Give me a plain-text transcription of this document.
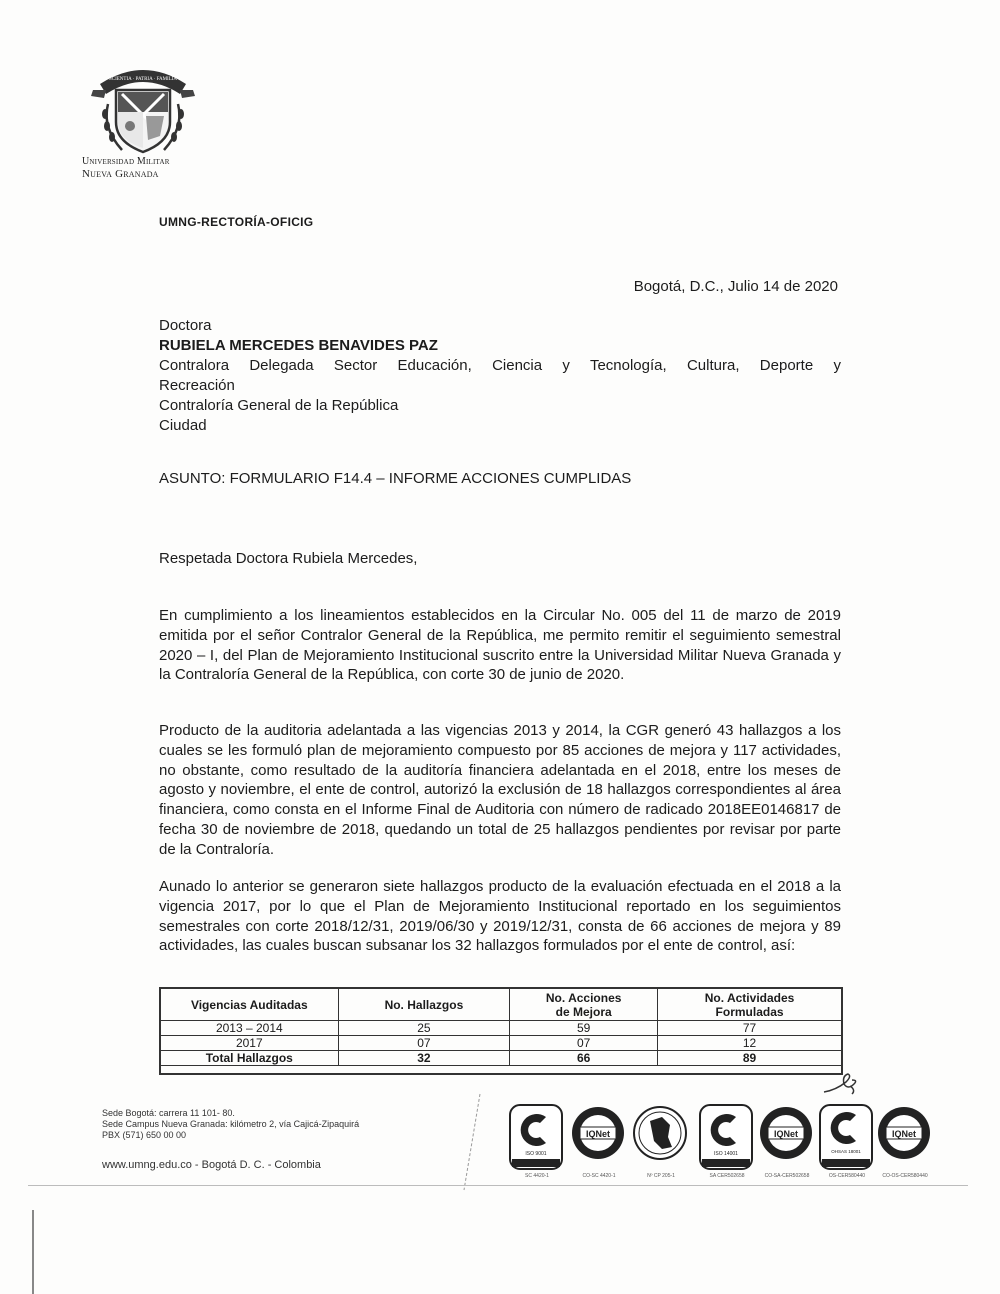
SCIENTIA · PATRIA · FAMILIA
Universidad Militar
Nueva Granada
UMNG-RECTORÍA-OFICIG
Bogotá, D.C., Julio 14 de 2020
Doctora
RUBIELA MERCEDES BENAVIDES PAZ
Contralora Delegada Sector Educación, Ciencia y Tecnología, Cultura, Deporte y
Recreación
Contraloría General de la República
Ciudad
ASUNTO: FORMULARIO F14.4 – INFORME ACCIONES CUMPLIDAS
Respetada Doctora Rubiela Mercedes,
En cumplimiento a los lineamientos establecidos en la Circular No. 005 del 11 de marzo de 2019 emitida por el señor Contralor General de la República, me permito remitir el seguimiento semestral 2020 – I, del Plan de Mejoramiento Institucional suscrito entre la Universidad Militar Nueva Granada y la Contraloría General de la República, con corte 30 de junio de 2020.
Producto de la auditoria adelantada a las vigencias 2013 y 2014, la CGR generó 43 hallazgos a los cuales se les formuló plan de mejoramiento compuesto por 85 acciones de mejora y 117 actividades, no obstante, como resultado de la auditoría financiera adelantada en el 2018, entre los meses de agosto y noviembre, el ente de control, autorizó la exclusión de 18 hallazgos correspondientes al área financiera, como consta en el Informe Final de Auditoria con número de radicado 2018EE0146817 de fecha 30 de noviembre de 2018, quedando un total de 25 hallazgos pendientes por revisar por parte de la Contraloría.
Aunado lo anterior se generaron siete hallazgos producto de la evaluación efectuada en el 2018 a la vigencia 2017, por lo que el Plan de Mejoramiento Institucional reportado en los seguimientos semestrales con corte 2018/12/31, 2019/06/30 y 2019/12/31, consta de 66 acciones de mejora y 89 actividades, las cuales buscan subsanar los 32 hallazgos formulados por el ente de control, así:
Vigencias Auditadas	No. Hallazgos	No. Acciones de Mejora	No. Actividades Formuladas
2013 – 2014	25	59	77
2017	07	07	12
Total Hallazgos	32	66	89
Sede Bogotá: carrera 11 101- 80.
Sede Campus Nueva Granada: kilómetro 2, vía Cajicá-Zipaquirá
PBX (571) 650 00 00
www.umng.edu.co - Bogotá D. C. - Colombia
ISO 9001
SC 4420-1
IQNet
CO-SC 4420-1	Nº CP 205-1
ISO 14001
SA CER502658
IQNet
CO-SA-CER502658
OHSAS 18001
OS-CER580440
IQNet
CO-OS-CER580440
